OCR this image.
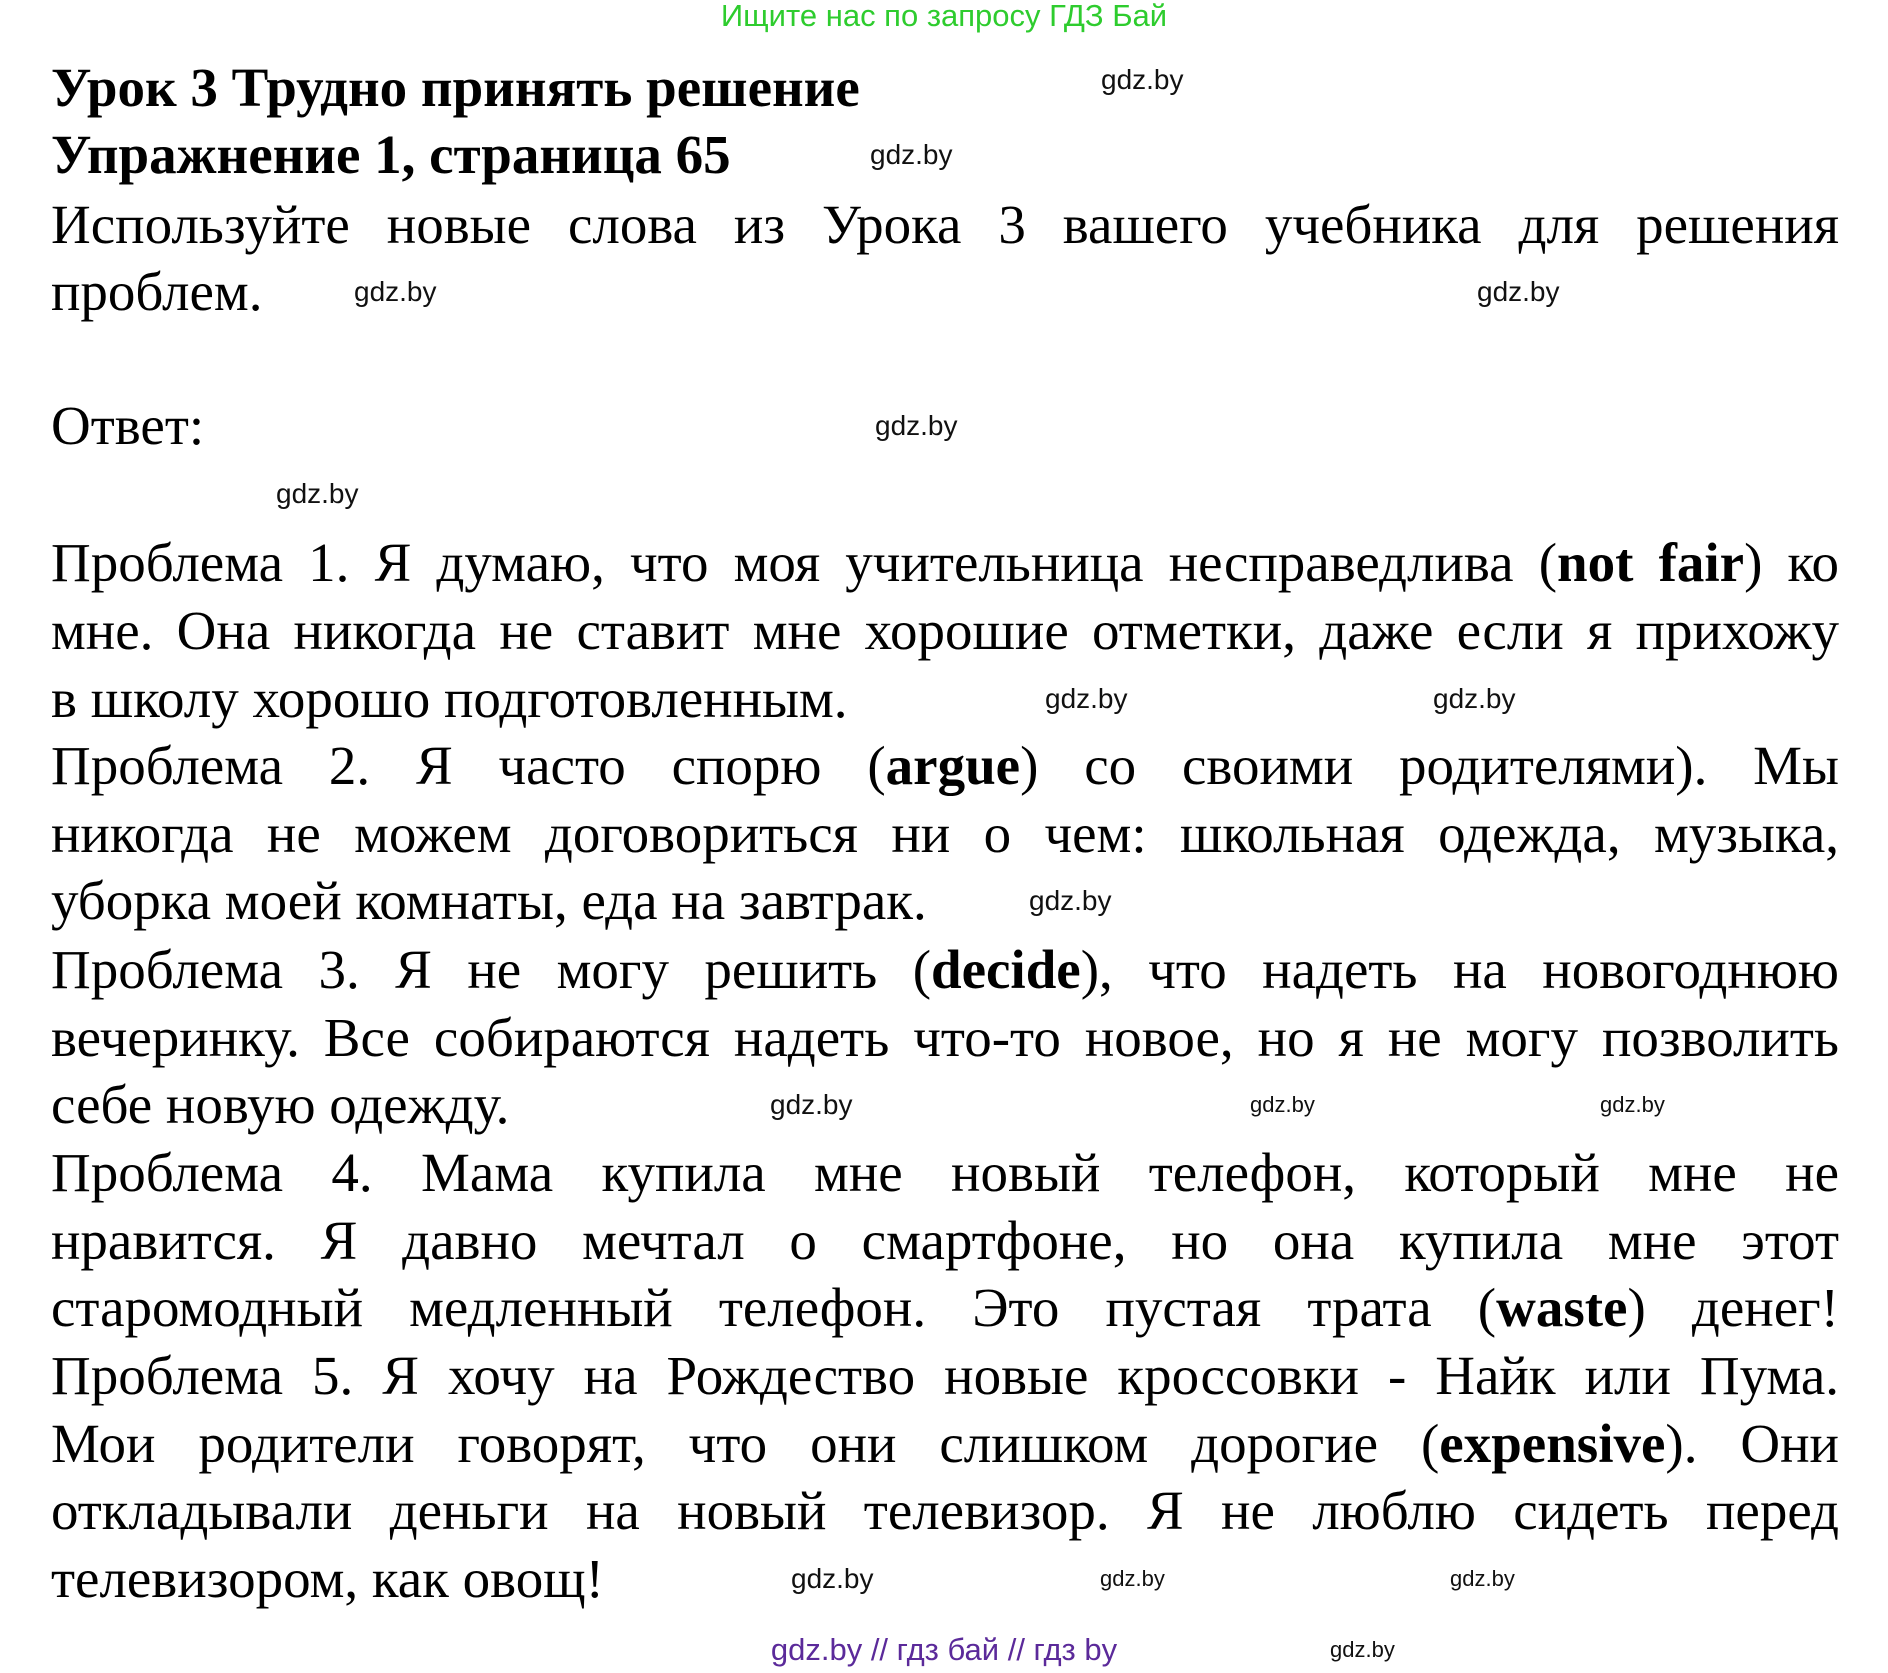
Ищите нас по запросу ГДЗ Бай
Урок 3 Трудно принять решение
Упражнение 1, страница 65
Используйте новые слова из Урока 3 вашего учебника для решения
проблем.
Ответ:
Проблема 1. Я думаю, что моя учительница несправедлива (not fair) ко
мне. Она никогда не ставит мне хорошие отметки, даже если я прихожу
в школу хорошо подготовленным.
Проблема 2. Я часто спорю (argue) со своими родителями). Мы
никогда не можем договориться ни о чем: школьная одежда, музыка,
уборка моей комнаты, еда на завтрак.
Проблема 3. Я не могу решить (decide), что надеть на новогоднюю
вечеринку. Все собираются надеть что-то новое, но я не могу позволить
себе новую одежду.
Проблема 4. Мама купила мне новый телефон, который мне не
нравится. Я давно мечтал о смартфоне, но она купила мне этот
старомодный медленный телефон. Это пустая трата (waste) денег!
Проблема 5. Я хочу на Рождество новые кроссовки - Найк или Пума.
Мои родители говорят, что они слишком дорогие (expensive). Они
откладывали деньги на новый телевизор. Я не люблю сидеть перед
телевизором, как овощ!
gdz.by
gdz.by
gdz.by
gdz.by
gdz.by
gdz.by
gdz.by	gdz.by
gdz.by
gdz.by	gdz.by	gdz.by
gdz.by	gdz.by	gdz.by
gdz.by
gdz.by // гдз бай // гдз by
